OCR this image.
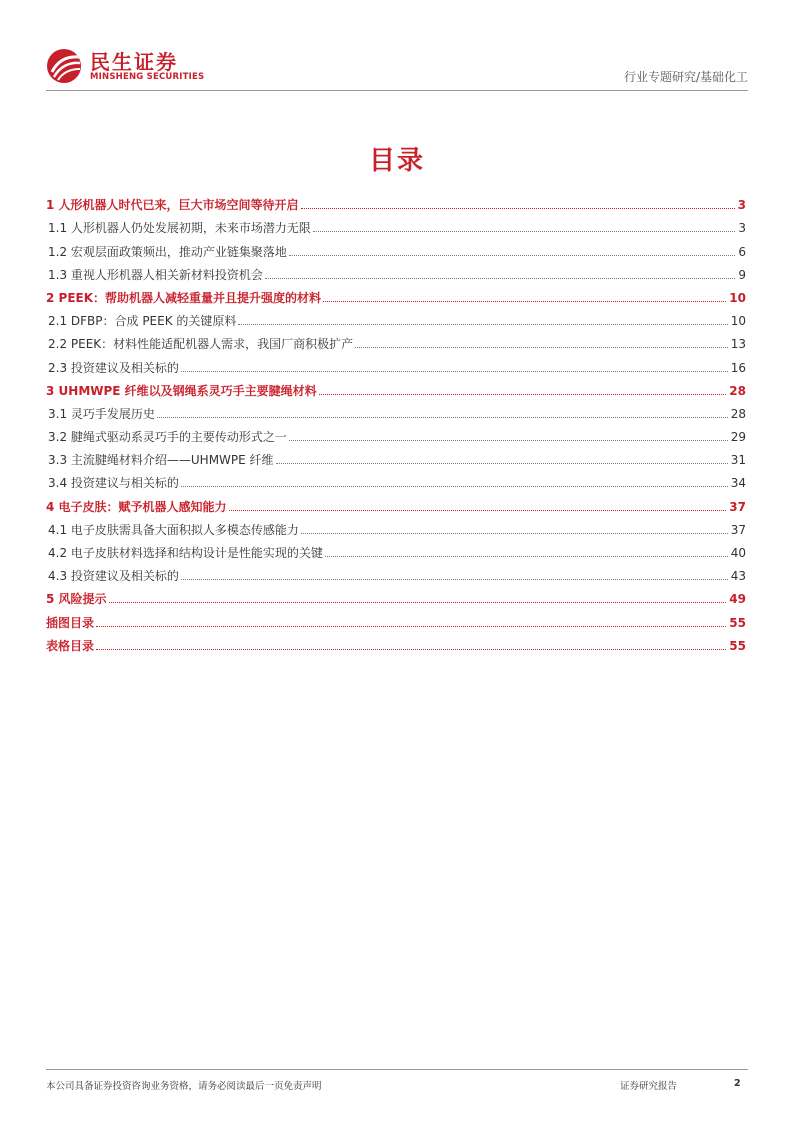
民生证券
MINSHENG SECURITIES	行业专题研究/基础化工
目录
1 人形机器人时代已来，巨大市场空间等待开启	3
1.1 人形机器人仍处发展初期，未来市场潜力无限	3
1.2 宏观层面政策频出，推动产业链集聚落地	6
1.3 重视人形机器人相关新材料投资机会	9
2 PEEK：帮助机器人减轻重量并且提升强度的材料	10
2.1 DFBP：合成 PEEK 的关键原料	10
2.2 PEEK：材料性能适配机器人需求，我国厂商积极扩产	13
2.3 投资建议及相关标的	16
3 UHMWPE 纤维以及钢绳系灵巧手主要腱绳材料	28
3.1 灵巧手发展历史	28
3.2 腱绳式驱动系灵巧手的主要传动形式之一	29
3.3 主流腱绳材料介绍——UHMWPE 纤维	31
3.4 投资建议与相关标的	34
4 电子皮肤：赋予机器人感知能力	37
4.1 电子皮肤需具备大面积拟人多模态传感能力	37
4.2 电子皮肤材料选择和结构设计是性能实现的关键	40
4.3 投资建议及相关标的	43
5 风险提示	49
插图目录	55
表格目录	55
本公司具备证券投资咨询业务资格，请务必阅读最后一页免责声明	证券研究报告	2
